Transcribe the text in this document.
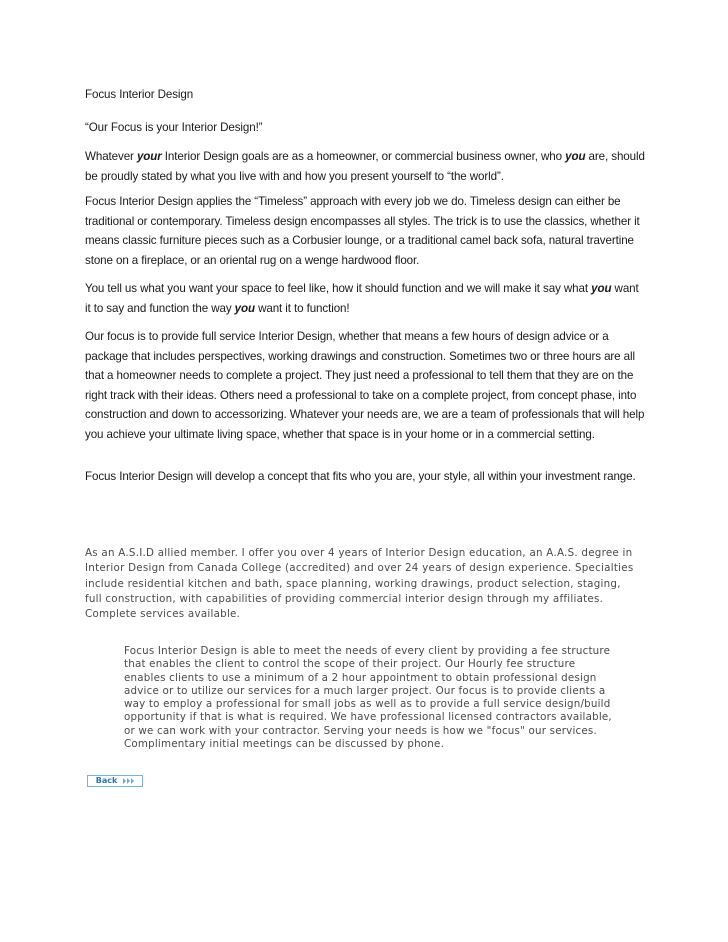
Focus Interior Design

“Our Focus is your Interior Design!”

Whatever your Interior Design goals are as a homeowner, or commercial business owner, who you are, should be proudly stated by what you live with and how you present yourself to “the world”.

Focus Interior Design applies the “Timeless” approach with every job we do. Timeless design can either be traditional or contemporary. Timeless design encompasses all styles. The trick is to use the classics, whether it means classic furniture pieces such as a Corbusier lounge, or a traditional camel back sofa, natural travertine stone on a fireplace, or an oriental rug on a wenge hardwood floor.

You tell us what you want your space to feel like, how it should function and we will make it say what you want it to say and function the way you want it to function!

Our focus is to provide full service Interior Design, whether that means a few hours of design advice or a package that includes perspectives, working drawings and construction. Sometimes two or three hours are all that a homeowner needs to complete a project. They just need a professional to tell them that they are on the right track with their ideas. Others need a professional to take on a complete project, from concept phase, into construction and down to accessorizing. Whatever your needs are, we are a team of professionals that will help you achieve your ultimate living space, whether that space is in your home or in a commercial setting.

Focus Interior Design will develop a concept that fits who you are, your style, all within your investment range.

As an A.S.I.D allied member. I offer you over 4 years of Interior Design education, an A.A.S. degree in Interior Design from Canada College (accredited) and over 24 years of design experience. Specialties include residential kitchen and bath, space planning, working drawings, product selection, staging, full construction, with capabilities of providing commercial interior design through my affiliates. Complete services available.

Focus Interior Design is able to meet the needs of every client by providing a fee structure that enables the client to control the scope of their project. Our Hourly fee structure enables clients to use a minimum of a 2 hour appointment to obtain professional design advice or to utilize our services for a much larger project. Our focus is to provide clients a way to employ a professional for small jobs as well as to provide a full service design/build opportunity if that is what is required. We have professional licensed contractors available, or we can work with your contractor. Serving your needs is how we "focus" our services. Complimentary initial meetings can be discussed by phone.

Back
